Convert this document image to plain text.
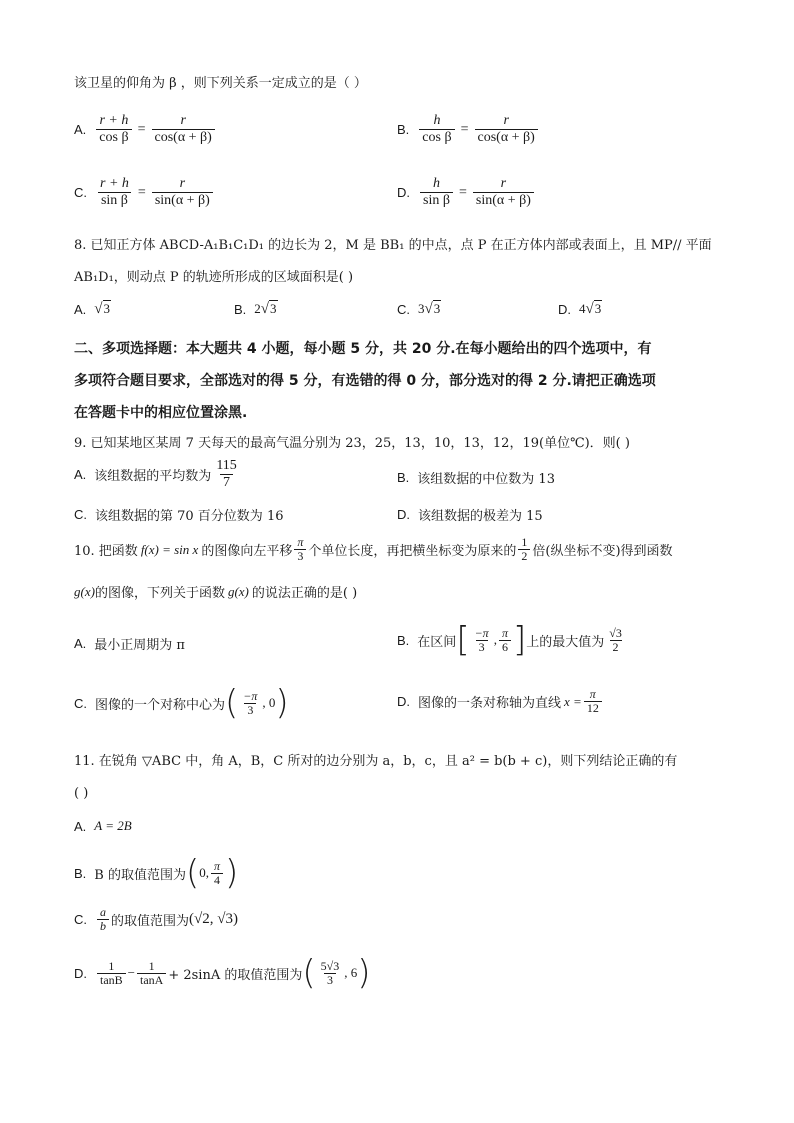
该卫星的仰角为 β ，则下列关系一定成立的是（ ）
A. $\frac{r + h}{\text{cos β}} = \frac{r}{\cos(\alpha + \beta)}$	B. $\frac{h}{\text{cos β}} = \frac{r}{\cos(\alpha + \beta)}$
C. $\frac{r + h}{\text{sin β}} = \frac{r}{\sin(\alpha + \beta)}$	D. $\frac{h}{\text{sin β}} = \frac{r}{\sin(\alpha + \beta)}$
8. 已知正方体 ABCD-A₁B₁C₁D₁ 的边长为 2，M 是 BB₁ 的中点，点 P 在正方体内部或表面上，且 MP// 平面
AB₁D₁，则动点 P 的轨迹所形成的区域面积是( )
A. √ 3	B. 2 √ 3	C. 3 √ 3	D. 4 √ 3
二、多项选择题：本大题共 4 小题，每小题 5 分，共 20 分.在每小题给出的四个选项中，有
多项符合题目要求，全部选对的得 5 分，有选错的得 0 分，部分选对的得 2 分.请把正确选项
在答题卡中的相应位置涂黑.
9. 已知某地区某周 7 天每天的最高气温分别为 23，25，13，10，13，12，19(单位℃)．则( )
A. 该组数据的平均数为 $\frac{115}{7}$	B. 该组数据的中位数为 13
C. 该组数据的第 70 百分位数为 16	D. 该组数据的极差为 15
10. 把函数 f(x) = sin x 的图像向左平移 $\frac{\pi}{3}$ 个单位长度，再把横坐标变为原来的 $\frac{1}{2}$ 倍(纵坐标不变)得到函数
g(x) 的图像，下列关于函数 g(x) 的说法正确的是( )
A. 最小正周期为 π	B. 在区间 [ $\frac{-\pi}{3}$ , $\frac{\pi}{6}$ ] 上的最大值为 $\frac{√3}{2}$
C. 图像的一个对称中心为 ( $\frac{-\pi}{3}$ , 0 )	D. 图像的一条对称轴为直线 $x = \frac{\pi}{12}$
11. 在锐角 ▽ABC 中，角 A，B，C 所对的边分别为 a，b，c，且 a² = b(b + c)，则下列结论正确的有
( )
A. A = 2B
B. B 的取值范围为 ( 0, $\frac{\pi}{4}$ )
C. $\frac{a}{b}$ 的取值范围为 (√2, √3)
D. $\frac{1}{\tan B} - \frac{1}{\tan A} + 2\sin A$ 的取值范围为 ( $\frac{5√3}{3}$ , 6 )
